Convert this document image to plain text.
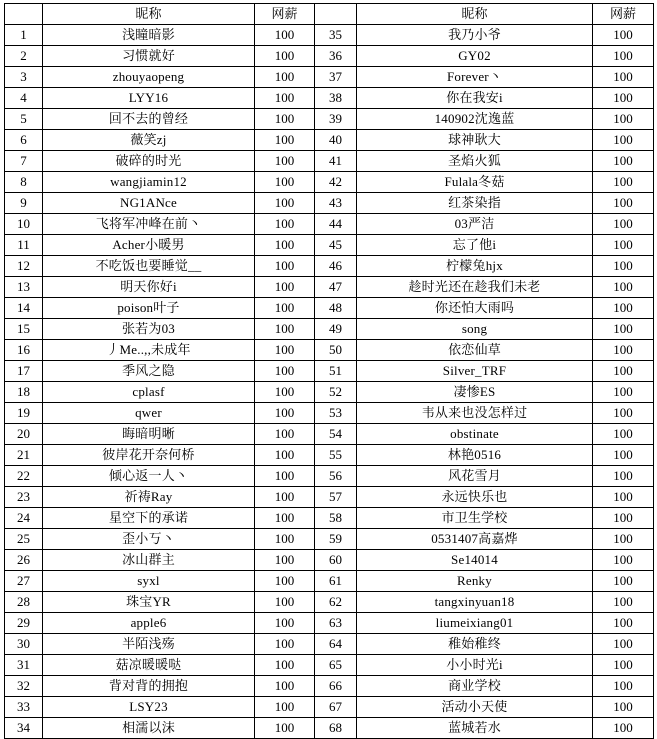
	昵称	网薪		昵称	网薪
1	浅瞳暗影	100	35	我乃小爷	100
2	习惯就好	100	36	GY02	100
3	zhouyaopeng	100	37	Forever丶	100
4	LYY16	100	38	你在我安i	100
5	回不去的曾经	100	39	140902沈逸蓝	100
6	薇笑zj	100	40	球神耿大	100
7	破碎的时光	100	41	圣焰火狐	100
8	wangjiamin12	100	42	Fulala冬菇	100
9	NG1ANce	100	43	红茶染指	100
10	飞将军冲峰在前丶	100	44	03严洁	100
11	Acher小暖男	100	45	忘了他i	100
12	不吃饭也要睡觉__	100	46	柠檬兔hjx	100
13	明天你好i	100	47	趁时光还在趁我们未老	100
14	poison叶子	100	48	你还怕大雨吗	100
15	张若为03	100	49	song	100
16	丿Me..,,未成年	100	50	依恋仙草	100
17	季风之隐	100	51	Silver_TRF	100
18	cplasf	100	52	凄惨ES	100
19	qwer	100	53	韦从来也没怎样过	100
20	晦暗明晰	100	54	obstinate	100
21	彼岸花开奈何桥	100	55	林艳0516	100
22	倾心返一人丶	100	56	风花雪月	100
23	祈祷Ray	100	57	永远快乐也	100
24	星空下的承诺	100	58	市卫生学校	100
25	歪小丂丶	100	59	0531407高嘉烨	100
26	冰山群主	100	60	Se14014	100
27	syxl	100	61	Renky	100
28	珠宝YR	100	62	tangxinyuan18	100
29	apple6	100	63	liumeixiang01	100
30	半陌浅殇	100	64	稚始稚终	100
31	菇凉暖暖哒	100	65	小小时光i	100
32	背对背的拥抱	100	66	商业学校	100
33	LSY23	100	67	活动小天使	100
34	相濡以沫	100	68	蓝城若水	100
